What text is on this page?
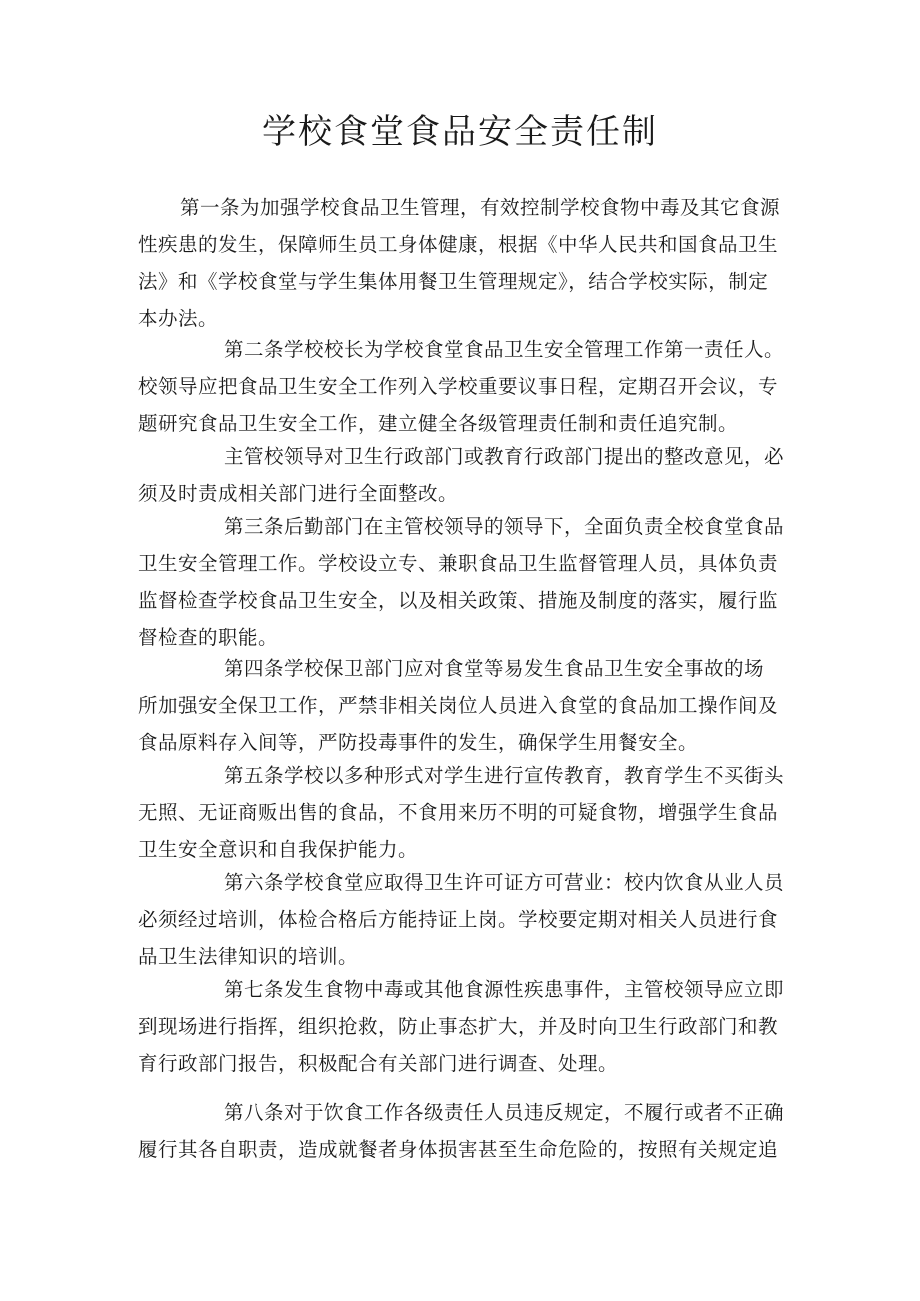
学校食堂食品安全责任制
第一条为加强学校食品卫生管理，有效控制学校食物中毒及其它食源
性疾患的发生，保障师生员工身体健康，根据《中华人民共和国食品卫生
法》和《学校食堂与学生集体用餐卫生管理规定》，结合学校实际，制定
本办法。
第二条学校校长为学校食堂食品卫生安全管理工作第一责任人。
校领导应把食品卫生安全工作列入学校重要议事日程，定期召开会议，专
题研究食品卫生安全工作，建立健全各级管理责任制和责任追究制。
主管校领导对卫生行政部门或教育行政部门提出的整改意见，必
须及时责成相关部门进行全面整改。
第三条后勤部门在主管校领导的领导下，全面负责全校食堂食品
卫生安全管理工作。学校设立专、兼职食品卫生监督管理人员，具体负责
监督检查学校食品卫生安全，以及相关政策、措施及制度的落实，履行监
督检查的职能。
第四条学校保卫部门应对食堂等易发生食品卫生安全事故的场
所加强安全保卫工作，严禁非相关岗位人员进入食堂的食品加工操作间及
食品原料存入间等，严防投毒事件的发生，确保学生用餐安全。
第五条学校以多种形式对学生进行宣传教育，教育学生不买街头
无照、无证商贩出售的食品，不食用来历不明的可疑食物，增强学生食品
卫生安全意识和自我保护能力。
第六条学校食堂应取得卫生许可证方可营业：校内饮食从业人员
必须经过培训，体检合格后方能持证上岗。学校要定期对相关人员进行食
品卫生法律知识的培训。
第七条发生食物中毒或其他食源性疾患事件，主管校领导应立即
到现场进行指挥，组织抢救，防止事态扩大，并及时向卫生行政部门和教
育行政部门报告，积极配合有关部门进行调查、处理。
第八条对于饮食工作各级责任人员违反规定，不履行或者不正确
履行其各自职责，造成就餐者身体损害甚至生命危险的，按照有关规定追
